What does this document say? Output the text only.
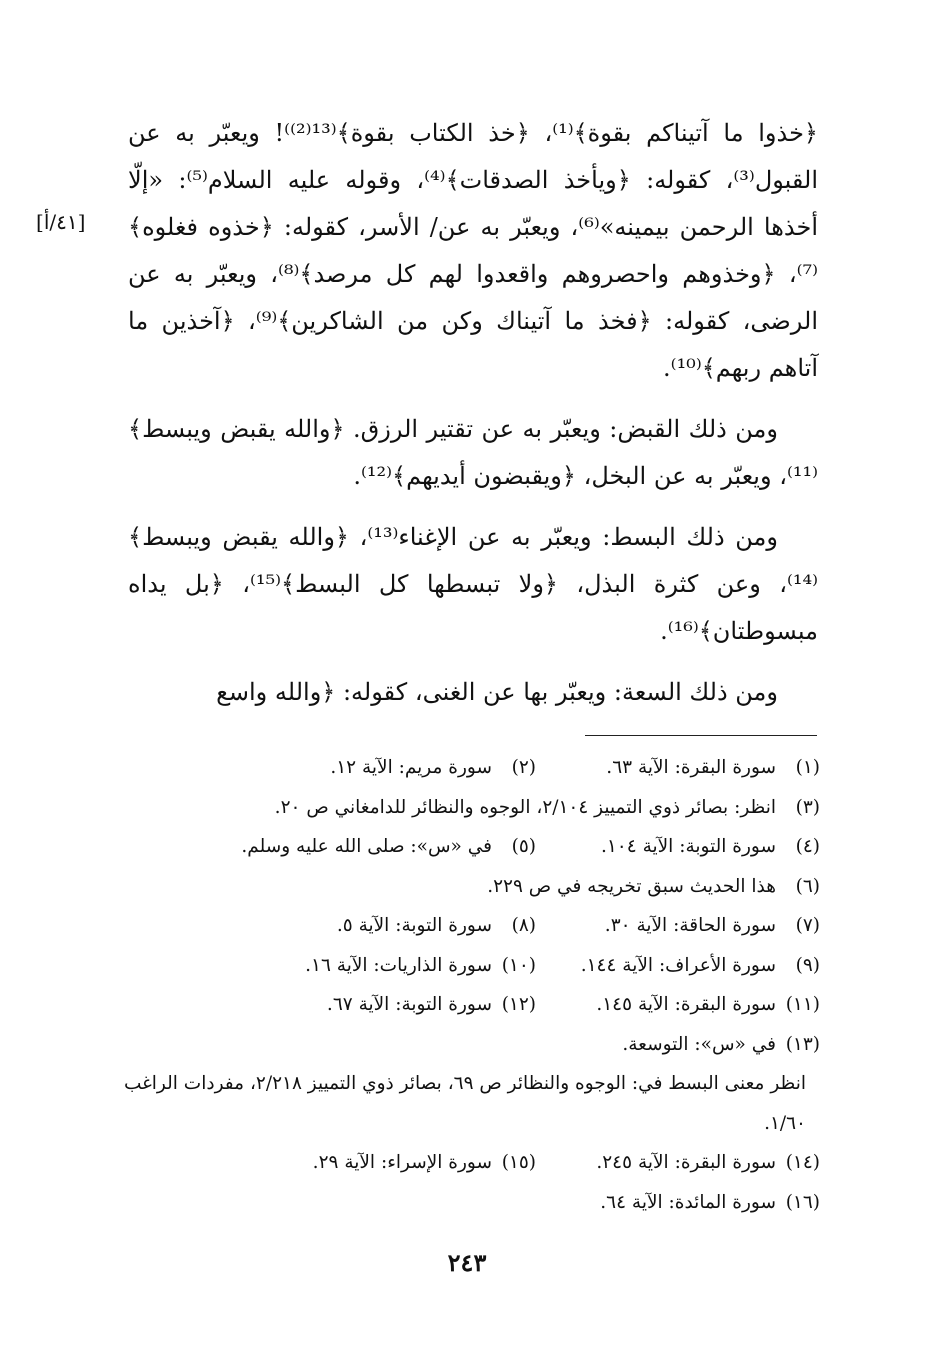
[٤١/أ]

﴿خذوا ما آتيناكم بقوة﴾⁽¹⁾، ﴿خذ الكتاب بقوة﴾⁽¹³⁽²⁾⁾! ويعبّر به عن القبول⁽³⁾، كقوله: ﴿ويأخذ الصدقات﴾⁽⁴⁾، وقوله عليه السلام⁽⁵⁾: «إلّا أخذها الرحمن بيمينه»⁽⁶⁾، ويعبّر به عن/ الأسر، كقوله: ﴿خذوه فغلوه﴾⁽⁷⁾، ﴿وخذوهم واحصروهم واقعدوا لهم كل مرصد﴾⁽⁸⁾، ويعبّر به عن الرضى، كقوله: ﴿فخذ ما آتيناك وكن من الشاكرين﴾⁽⁹⁾، ﴿آخذين ما آتاهم ربهم﴾⁽¹⁰⁾.

ومن ذلك القبض: ويعبّر به عن تقتير الرزق. ﴿والله يقبض ويبسط﴾⁽¹¹⁾، ويعبّر به عن البخل، ﴿ويقبضون أيديهم﴾⁽¹²⁾.

ومن ذلك البسط: ويعبّر به عن الإغناء⁽¹³⁾، ﴿والله يقبض ويبسط﴾⁽¹⁴⁾، وعن كثرة البذل، ﴿ولا تبسطها كل البسط﴾⁽¹⁵⁾، ﴿بل يداه مبسوطتان﴾⁽¹⁶⁾.

ومن ذلك السعة: ويعبّر بها عن الغنى، كقوله: ﴿والله واسع

(١)
سورة البقرة: الآية ٦٣.
(٢)
سورة مريم: الآية ١٢.
(٣)
انظر: بصائر ذوي التمييز ٢/١٠٤، الوجوه والنظائر للدامغاني ص ٢٠.
(٤)
سورة التوبة: الآية ١٠٤.
(٥)
في «س»: صلى الله عليه وسلم.
(٦)
هذا الحديث سبق تخريجه في ص ٢٢٩.
(٧)
سورة الحاقة: الآية ٣٠.
(٨)
سورة التوبة: الآية ٥.
(٩)
سورة الأعراف: الآية ١٤٤.
(١٠)
سورة الذاريات: الآية ١٦.
(١١)
سورة البقرة: الآية ١٤٥.
(١٢)
سورة التوبة: الآية ٦٧.
(١٣)
في «س»: التوسعة.
انظر معنى البسط في: الوجوه والنظائر ص ٦٩، بصائر ذوي التمييز ٢/٢١٨، مفردات الراغب ١/٦٠.
(١٤)
سورة البقرة: الآية ٢٤٥.
(١٥)
سورة الإسراء: الآية ٢٩.
(١٦)
سورة المائدة: الآية ٦٤.
٢٤٣
